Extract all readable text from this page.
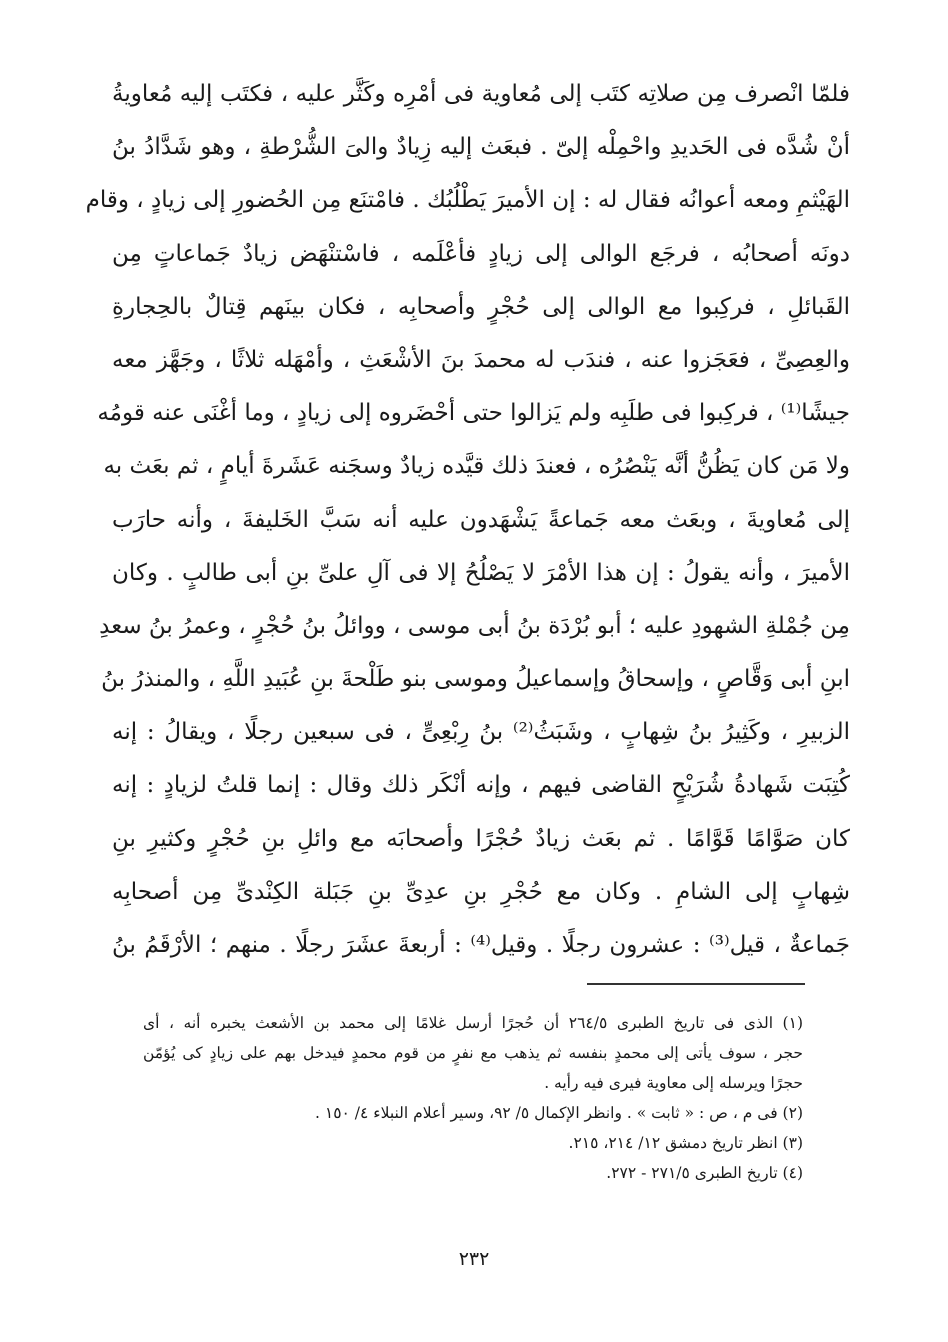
فلمّا انْصرف مِن صلاتِه كتَب إلى مُعاوية فى أمْرِه وكَثَّر عليه ، فكتَب إليه مُعاويةُ
أنْ شُدَّه فى الحَديدِ واحْمِلْه إلىّ . فبعَث إليه زِيادٌ والىَ الشُّرْطةِ ، وهو شَدَّادُ بنُ
الهَيْثمِ ومعه أعوانُه فقال له : إن الأميرَ يَطْلُبُك . فامْتنَع مِن الحُضورِ إلى زيادٍ ، وقام
دونَه أصحابُه ، فرجَع الوالى إلى زيادٍ فأعْلَمه ، فاسْتنْهَض زيادٌ جَماعاتٍ مِن
القَبائلِ ، فركِبوا مع الوالى إلى حُجْرٍ وأصحابِه ، فكان بينَهم قِتالٌ بالحِجارةِ
والعِصِىِّ ، فعَجَزوا عنه ، فندَب له محمدَ بنَ الأشْعَثِ ، وأمْهَله ثلاثًا ، وجَهَّز معه
جيشًا⁽¹⁾ ، فركِبوا فى طلَبِه ولم يَزالوا حتى أحْضَروه إلى زيادٍ ، وما أغْنَى عنه قومُه
ولا مَن كان يَظُنُّ أنَّه يَنْصُرُه ، فعندَ ذلك قيَّده زيادٌ وسجَنه عَشَرةَ أيامٍ ، ثم بعَث به
إلى مُعاويةَ ، وبعَث معه جَماعةً يَشْهَدون عليه أنه سَبَّ الخَليفةَ ، وأنه حارَب
الأميرَ ، وأنه يقولُ : إن هذا الأمْرَ لا يَصْلُحُ إلا فى آلِ علىِّ بنِ أبى طالبٍ . وكان
مِن جُمْلةِ الشهودِ عليه ؛ أبو بُرْدَة بنُ أبى موسى ، ووائلُ بنُ حُجْرٍ ، وعمرُ بنُ سعدِ
ابنِ أبى وَقَّاصٍ ، وإسحاقُ وإسماعيلُ وموسى بنو طَلْحةَ بنِ عُبَيدِ اللَّهِ ، والمنذرُ بنُ
الزبيرِ ، وكَثِيرُ بنُ شِهابٍ ، وشَبَثُ⁽²⁾ بنُ رِبْعِىٍّ ، فى سبعين رجلًا ، ويقالُ : إنه
كُتِبَت شَهادةُ شُرَيْحٍ القاضى فيهم ، وإنه أنْكَر ذلك وقال : إنما قلتُ لزيادٍ : إنه
كان صَوَّامًا قَوَّامًا . ثم بعَث زيادٌ حُجْرًا وأصحابَه مع وائلِ بنِ حُجْرٍ وكثيرِ بنِ
شِهابٍ إلى الشامِ . وكان مع حُجْرِ بنِ عدِىِّ بنِ جَبَلة الكِنْدىِّ مِن أصحابِه
جَماعةٌ ، قيل⁽³⁾ : عشرون رجلًا . وقيل⁽⁴⁾ : أربعةَ عشَرَ رجلًا . منهم ؛ الأرْقَمُ بنُ
(١) الذى فى تاريخ الطبرى ٢٦٤/٥ أن حُجرًا أرسل غلامًا إلى محمد بن الأشعث يخبره أنه ، أى
حجر ، سوف يأتى إلى محمدٍ بنفسه ثم يذهب مع نفرٍ من قوم محمدٍ فيدخل بهم على زيادٍ كى يُؤمّن
حجرًا ويرسله إلى معاوية فيرى فيه رأيه .
(٢) فى م ، ص : « ثابت » . وانظر الإكمال ٥/ ٩٢، وسير أعلام النبلاء ٤/ ١٥٠ .
(٣) انظر تاريخ دمشق ١٢/ ٢١٤، ٢١٥.
(٤) تاريخ الطبرى ٢٧١/٥ - ٢٧٢.
٢٣٢
